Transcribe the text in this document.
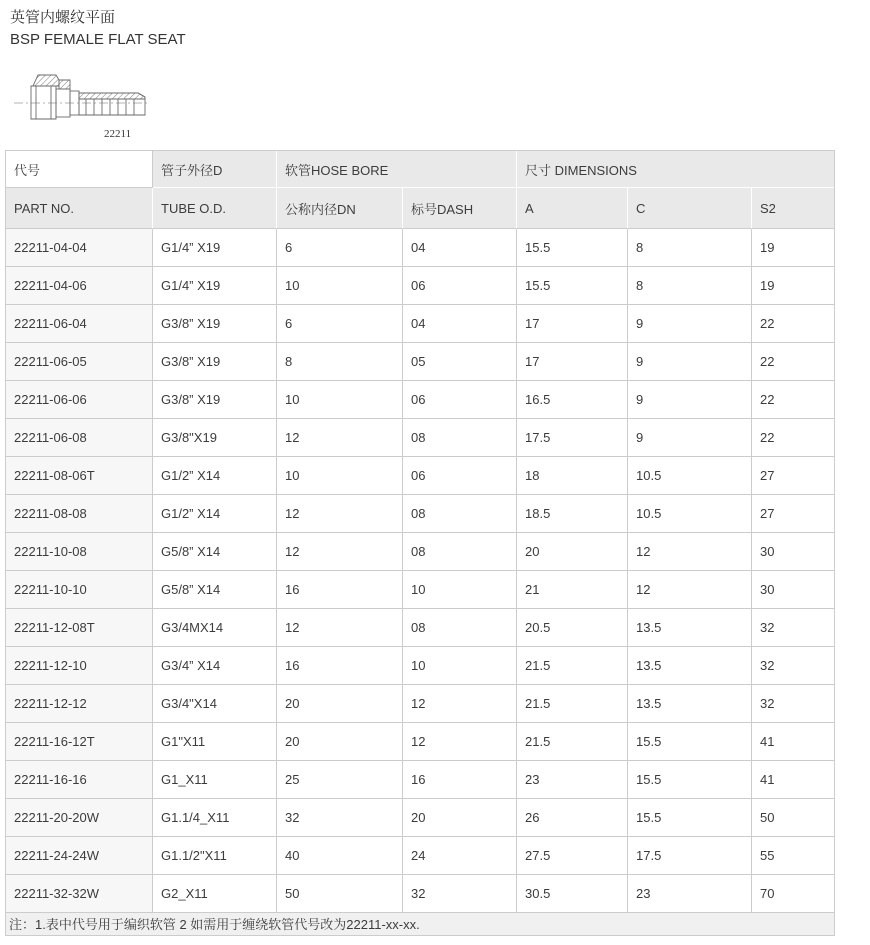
英管内螺纹平面
BSP FEMALE FLAT SEAT
22211
代号	管子外径D	软管HOSE BORE		尺寸 DIMENSIONS		
PART NO.	TUBE O.D.	公称内径DN	标号DASH	A	C	S2
22211-04-04	G1/4” X19	6	04	15.5	8	19
22211-04-06	G1/4” X19	10	06	15.5	8	19
22211-06-04	G3/8” X19	6	04	17	9	22
22211-06-05	G3/8” X19	8	05	17	9	22
22211-06-06	G3/8” X19	10	06	16.5	9	22
22211-06-08	G3/8"X19	12	08	17.5	9	22
22211-08-06T	G1/2” X14	10	06	18	10.5	27
22211-08-08	G1/2” X14	12	08	18.5	10.5	27
22211-10-08	G5/8” X14	12	08	20	12	30
22211-10-10	G5/8” X14	16	10	21	12	30
22211-12-08T	G3/4MX14	12	08	20.5	13.5	32
22211-12-10	G3/4” X14	16	10	21.5	13.5	32
22211-12-12	G3/4"X14	20	12	21.5	13.5	32
22211-16-12T	G1"X11	20	12	21.5	15.5	41
22211-16-16	G1_X11	25	16	23	15.5	41
22211-20-20W	G1.1/4_X11	32	20	26	15.5	50
22211-24-24W	G1.1/2"X11	40	24	27.5	17.5	55
22211-32-32W	G2_X11	50	32	30.5	23	70
注：1.表中代号用于编织软管 2 如需用于缠绕软管代号改为22211-xx-xx.						
